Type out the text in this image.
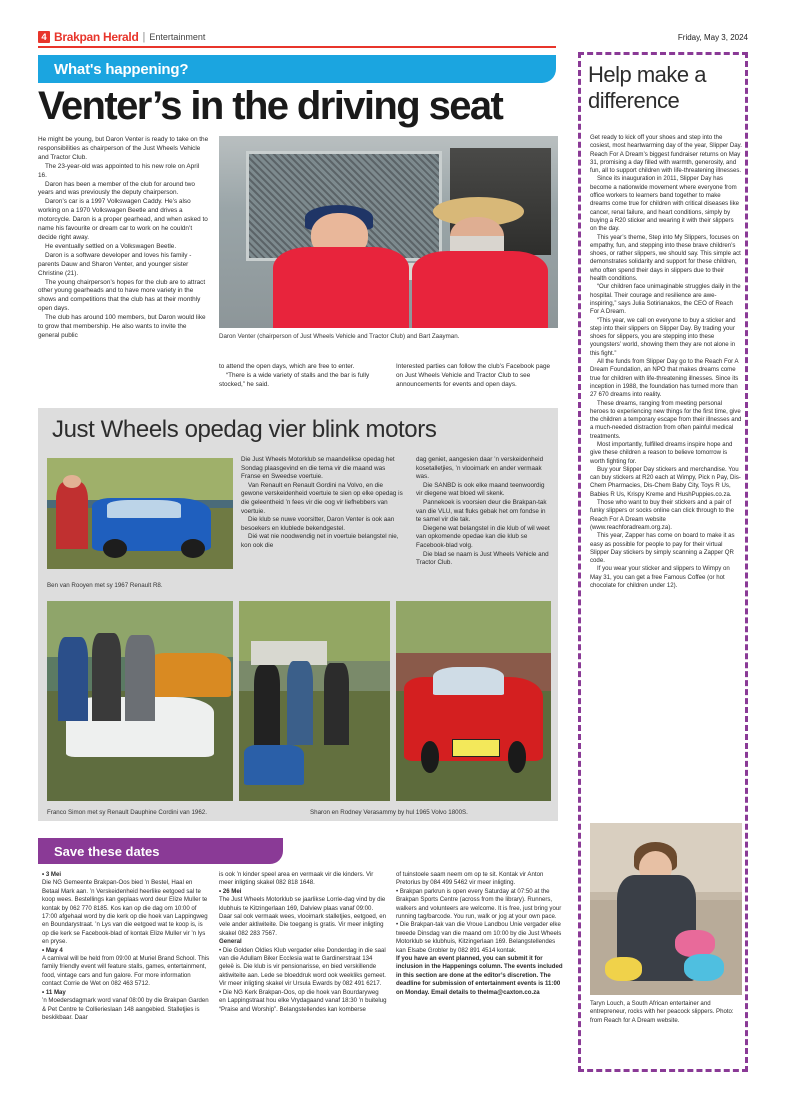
4 Brakpan Herald | Entertainment	Friday, May 3, 2024
What's happening?
Venter’s in the driving seat
Daron Venter (chairperson of Just Wheels Vehicle and Tractor Club) and Bart Zaayman.

He might be young, but Daron Venter is ready to take on the responsibilities as chairperson of the Just Wheels Vehicle and Tractor Club.

The 23-year-old was appointed to his new role on April 16.

Daron has been a member of the club for around two years and was previously the deputy chairperson.

Daron’s car is a 1997 Volkswagen Caddy. He’s also working on a 1970 Volkswagen Beetle and drives a motorcycle. Daron is a proper gearhead, and when asked to name his favourite or dream car to work on he couldn’t decide right away.

He eventually settled on a Volkswagen Beetle.

Daron is a software developer and loves his family - parents Dauw and Sharon Venter, and younger sister Christine (21).

The young chairperson’s hopes for the club are to attract other young gearheads and to have more variety in the shows and competitions that the club has at their monthly open days.

The club has around 100 members, but Daron would like to grow that membership. He also wants to invite the general public

to attend the open days, which are free to enter.

“There is a wide variety of stalls and the bar is fully stocked,” he said.

Interested parties can follow the club’s Facebook page on Just Wheels Vehicle and Tractor Club to see announcements for events and open days.

Just Wheels opedag vier blink motors
Ben van Rooyen met sy 1967 Renault R8.
Franco Simon met sy Renault Dauphine Cordini van 1962.	Sharon en Rodney Verasammy by hul 1965 Volvo 1800S.

Die Just Wheels Motorklub se maandelikse opedag het Sondag plaasgevind en die tema vir die maand was Franse en Sweedse voertuie.

Van Renault en Renault Gordini na Volvo, en die gewone verskeidenheid voertuie te sien op elke opedag is die geleentheid ’n fees vir die oog vir liefhebbers van voertuie.

Die klub se nuwe voorsitter, Daron Venter is ook aan besoekers en klublede bekendgestel.

Dié wat nie noodwendig net in voertuie belangstel nie, kon ook die

dag geniet, aangesien daar ’n verskeidenheid kosetalletjies, ’n vlooimark en ander vermaak was.

Die SANBD is ook elke maand teenwoordig vir diegene wat bloed wil skenk.

Pannekoek is voorsien deur die Brakpan-tak van die VLU, wat fluks gebak het om fondse in te samel vir die tak.

Diegene wat belangstel in die klub of wil weet van opkomende opedae kan die klub se Facebook-blad volg.

Die blad se naam is Just Wheels Vehicle and Tractor Club.

Save these dates

• 3 Mei

Die NG Gemeente Brakpan-Oos bied ’n Bestel, Haal en Betaal Mark aan. ’n Verskeidenheid heerlike eetgoed sal te koop wees. Bestellings kan geplaas word deur Elize Muller te kontak by 062 770 8185. Kos kan op die dag om 10:00 of 17:00 afgehaal word by die kerk op die hoek van Lappingweg en Boundarystraat. ’n Lys van die eetgoed wat te koop is, is op die kerk se Facebook-blad of kontak Elize Muller vir ’n lys en pryse.

• May 4

A carnival will be held from 09:00 at Muriel Brand School. This family friendly event will feature stalls, games, entertainment, food, vintage cars and fun galore. For more information contact Corrie de Wet on 082 463 5712.

• 11 May

’n Moedersdagmark word vanaf 08:00 by die Brakpan Garden & Pet Centre te Collierieslaan 148 aangebied. Stalletjies is beskikbaar. Daar

is ook ’n kinder speel area en vermaak vir die kinders. Vir meer inligting skakel 082 818 1648.

• 26 Mei

The Just Wheels Motorklub se jaarlikse Lorrie-dag vind by die klubhuis te Kitzingerlaan 169, Dalview plaas vanaf 09:00. Daar sal ook vermaak wees, vlooimark stalletjies, eetgoed, en vele ander aktiwiteite. Die toegang is gratis. Vir meer inligting skakel 082 283 7567.

General

• Die Golden Oldies Klub vergader elke Donderdag in die saal van die Adullam Biker Ecclesia wat te Gardinerstraat 134 geleë is. Die klub is vir pensionarisse, en bied verskillende aktiwiteite aan. Lede se bloeddruk word ook weekliks gemeet. Vir meer inligting skakel vir Ursula Ewards by 082 491 6217.

• Die NG Kerk Brakpan-Oos, op die hoek van Bourdaryweg en Lappingstraat hou elke Vrydagaand vanaf 18:30 ’n buitelug “Praise and Worship”. Belangstellendes kan komberse

of tuinstoele saam neem om op te sit. Kontak vir Anton Pretorius by 084 499 5462 vir meer inligting.

• Brakpan parkrun is open every Saturday at 07:50 at the Brakpan Sports Centre (across from the library). Runners, walkers and volunteers are welcome. It is free, just bring your running tag/barcode. You run, walk or jog at your own pace.

• Die Brakpan-tak van die Vroue Landbou Unie vergader elke tweede Dinsdag van die maand om 10:00 by die Just Wheels Motorklub se klubhuis, Kitzingerlaan 169. Belangstellendes kan Elsabe Grobler by 082 891 4514 kontak.

If you have an event planned, you can submit it for inclusion in the Happenings column. The events included in this section are done at the editor’s discretion. The deadline for submission of entertainment events is 11:00 on Monday. Email details to thelma@caxton.co.za

Help make a difference

Get ready to kick off your shoes and step into the cosiest, most heartwarming day of the year, Slipper Day. Reach For A Dream’s biggest fundraiser returns on May 31, promising a day filled with warmth, generosity, and fun, all to support children with life-threatening illnesses.

Since its inauguration in 2011, Slipper Day has become a nationwide movement where everyone from office workers to learners band together to make dreams come true for children with critical diseases like cancer, renal failure, and heart conditions, simply by buying a R20 sticker and wearing it with their slippers on the day.

This year’s theme, Step into My Slippers, focuses on empathy, fun, and stepping into these brave children’s shoes, or rather slippers, we should say. This simple act demonstrates solidarity and support for these children, who often spend their days in slippers due to their health conditions.

“Our children face unimaginable struggles daily in the hospital. Their courage and resilience are awe-inspiring,” says Julia Sotirianakos, the CEO of Reach For A Dream.

“This year, we call on everyone to buy a sticker and step into their slippers on Slipper Day. By trading your shoes for slippers, you are stepping into these youngsters’ world, showing them they are not alone in this fight.”

All the funds from Slipper Day go to the Reach For A Dream Foundation, an NPO that makes dreams come true for children with life-threatening illnesses. Since its inception in 1988, the foundation has turned more than 27 670 dreams into reality.

These dreams, ranging from meeting personal heroes to experiencing new things for the first time, give the children a temporary escape from their illnesses and a much-needed distraction from often painful medical treatments.

Most importantly, fulfilled dreams inspire hope and give these children a reason to believe tomorrow is worth fighting for.

Buy your Slipper Day stickers and merchandise. You can buy stickers at R20 each at Wimpy, Pick n Pay, Dis-Chem Pharmacies, Dis-Chem Baby City, Toys R Us, Babies R Us, Krispy Kreme and HushPuppies.co.za.

Those who want to buy their stickers and a pair of funky slippers or socks online can click through to the Reach For A Dream website (www.reachforadream.org.za).

This year, Zapper has come on board to make it as easy as possible for people to pay for their virtual Slipper Day stickers by simply scanning a Zapper QR code.

If you wear your sticker and slippers to Wimpy on May 31, you can get a free Famous Coffee (or hot chocolate for children under 12).

Taryn Louch, a South African entertainer and entrepreneur, rocks with her peacock slippers. Photo: from Reach for A Dream website.
